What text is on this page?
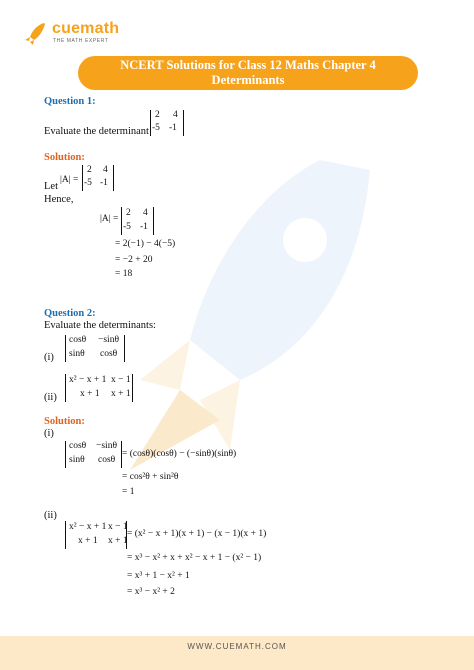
cuemath
THE MATH EXPERT
NCERT Solutions for Class 12 Maths Chapter 4
Determinants
Question 1:
Evaluate the determinant
2 4
-5 -1
Solution:
Let
|A| =
2 4
-5 -1
Hence,
|A| =
2 4
-5 -1
= 2(−1) − 4(−5)
= −2 + 20
= 18
Question 2:
Evaluate the determinants:
(i)
cosθ −sinθ
sinθ cosθ
(ii)
x² − x + 1 x − 1
x + 1 x + 1
Solution:
(i)
cosθ −sinθ
sinθ cosθ
= (cosθ)(cosθ) − (−sinθ)(sinθ)
= cos²θ + sin²θ
= 1
(ii)
x² − x + 1 x − 1
x + 1 x + 1
= (x² − x + 1)(x + 1) − (x − 1)(x + 1)
= x³ − x² + x + x² − x + 1 − (x² − 1)
= x³ + 1 − x² + 1
= x³ − x² + 2
WWW.CUEMATH.COM
